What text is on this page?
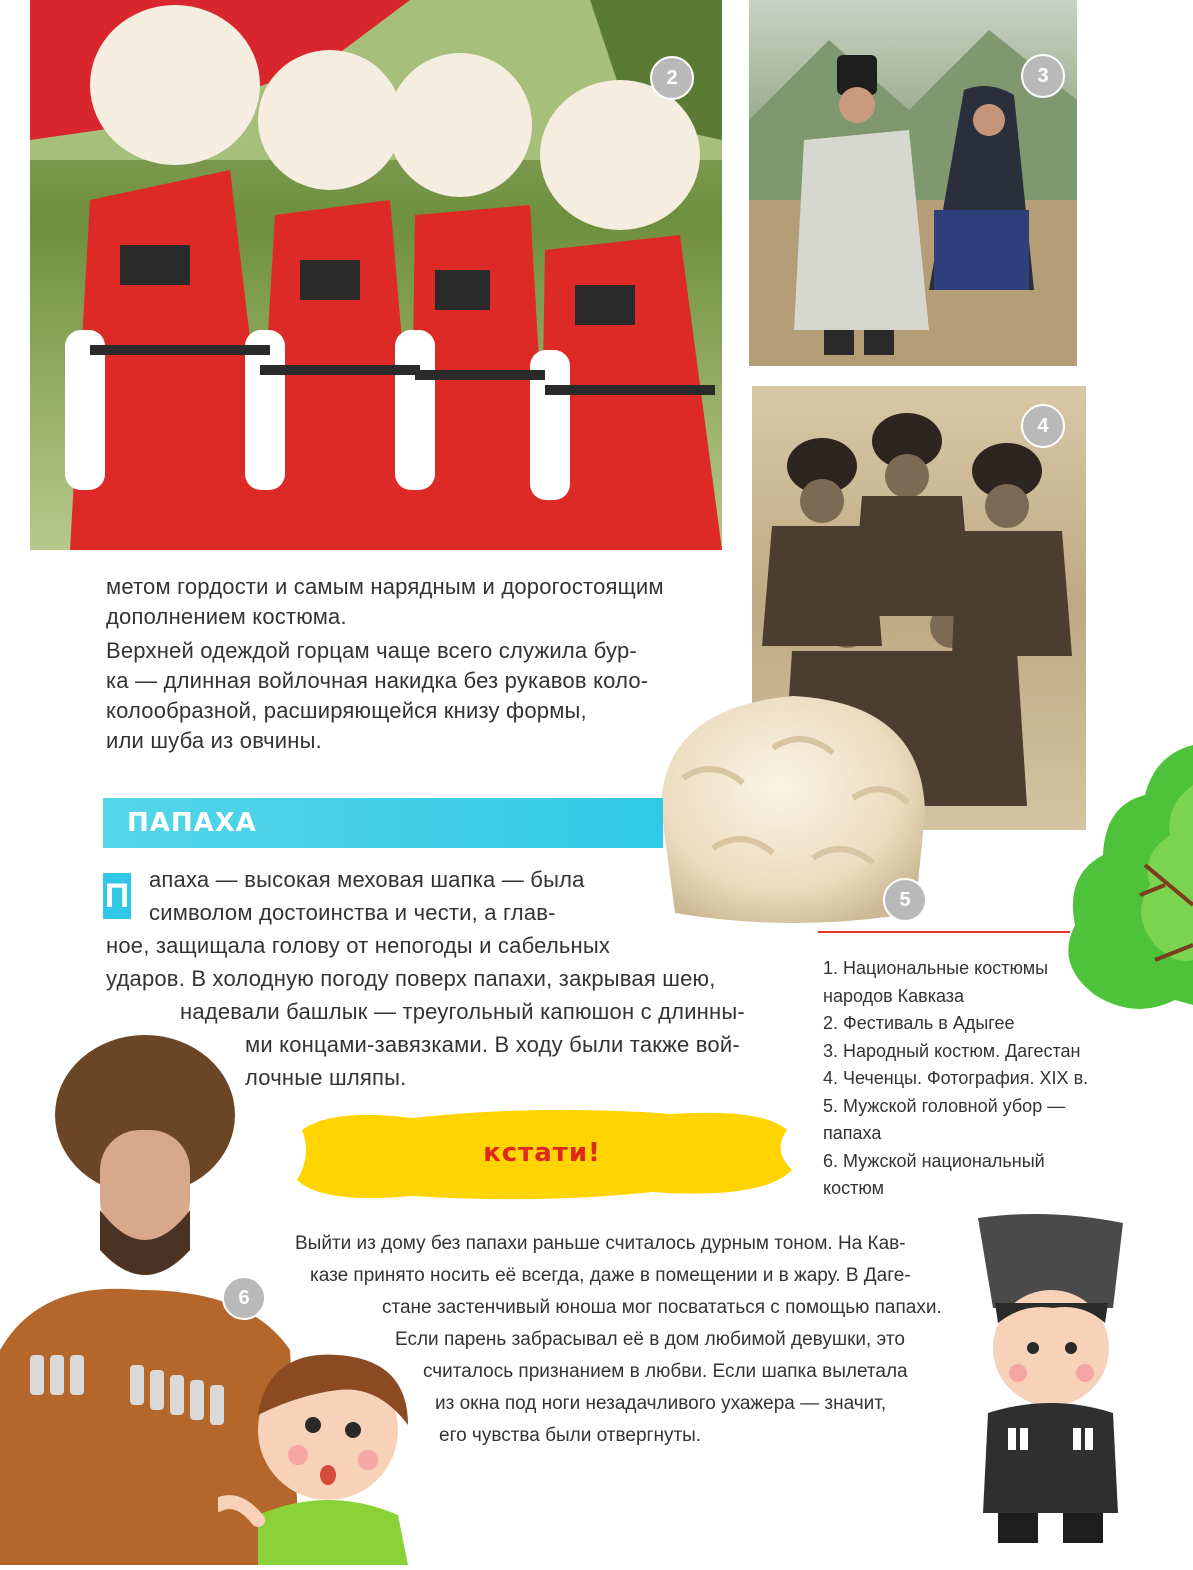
2	3
4
5
метом гордости и самым нарядным и дорогостоящим
дополнением костюма.
Верхней одеждой горцам чаще всего служила бур-
ка — длинная войлочная накидка без рукавов коло-
колообразной, расширяющейся книзу формы,
или шуба из овчины.
ПАПАХА
П апаха — высокая меховая шапка — была
символом достоинства и чести, а глав-
ное, защищала голову от непогоды и сабельных
ударов. В холодную погоду поверх папахи, закрывая шею,
надевали башлык — треугольный капюшон с длинны-
ми концами-завязками. В ходу были также вой-
лочные шляпы.
1. Национальные костюмы
народов Кавказа
2. Фестиваль в Адыгее
3. Народный костюм. Дагестан
4. Чеченцы. Фотография. XIX в.
5. Мужской головной убор —
папаха
6. Мужской национальный
костюм
6
кстати!
Выйти из дому без папахи раньше считалось дурным тоном. На Кав-
казе принято носить её всегда, даже в помещении и в жару. В Даге-
стане застенчивый юноша мог посвататься с помощью папахи.
Если парень забрасывал её в дом любимой девушки, это
считалось признанием в любви. Если шапка вылетала
из окна под ноги незадачливого ухажера — значит,
его чувства были отвергнуты.
